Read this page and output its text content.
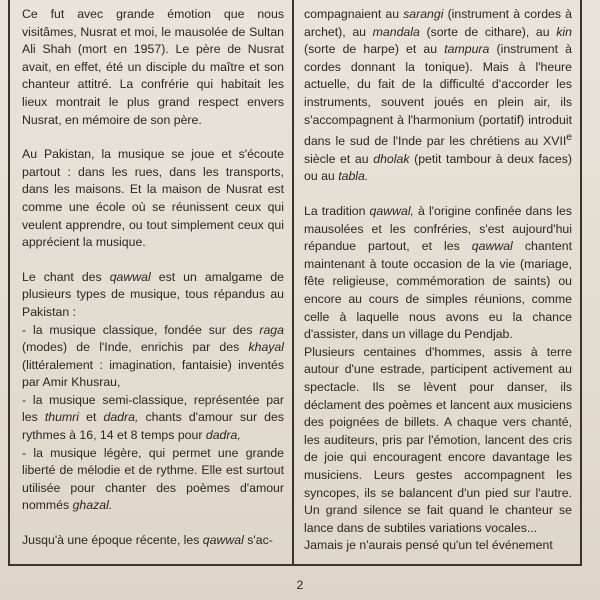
Ce fut avec grande émotion que nous visitâmes, Nusrat et moi, le mausolée de Sultan Ali Shah (mort en 1957). Le père de Nusrat avait, en effet, été un disciple du maître et son chanteur attitré. La confrérie qui habitait les lieux montrait le plus grand respect envers Nusrat, en mémoire de son père.

Au Pakistan, la musique se joue et s'écoute partout : dans les rues, dans les transports, dans les maisons. Et la maison de Nusrat est comme une école où se réunissent ceux qui veulent apprendre, ou tout simplement ceux qui apprécient la musique.

Le chant des qawwal est un amalgame de plusieurs types de musique, tous répandus au Pakistan :
- la musique classique, fondée sur des raga (modes) de l'Inde, enrichis par des khayal (littéralement : imagination, fantaisie) inventés par Amir Khusrau,
- la musique semi-classique, représentée par les thumri et dadra, chants d'amour sur des rythmes à 16, 14 et 8 temps pour dadra,
- la musique légère, qui permet une grande liberté de mélodie et de rythme. Elle est surtout utilisée pour chanter des poèmes d'amour nommés ghazal.

Jusqu'à une époque récente, les qawwal s'ac-

compagnaient au sarangi (instrument à cordes à archet), au mandala (sorte de cithare), au kin (sorte de harpe) et au tampura (instrument à cordes donnant la tonique). Mais à l'heure actuelle, du fait de la difficulté d'accorder les instruments, souvent joués en plein air, ils s'accompagnent à l'harmonium (portatif) introduit dans le sud de l'Inde par les chrétiens au XVIIe siècle et au dholak (petit tambour à deux faces) ou au tabla.

La tradition qawwal, à l'origine confinée dans les mausolées et les confréries, s'est aujourd'hui répandue partout, et les qawwal chantent maintenant à toute occasion de la vie (mariage, fête religieuse, commémoration de saints) ou encore au cours de simples réunions, comme celle à laquelle nous avons eu la chance d'assister, dans un village du Pendjab.

Plusieurs centaines d'hommes, assis à terre autour d'une estrade, participent activement au spectacle. Ils se lèvent pour danser, ils déclament des poèmes et lancent aux musiciens des poignées de billets. A chaque vers chanté, les auditeurs, pris par l'émotion, lancent des cris de joie qui encouragent encore davantage les musiciens. Leurs gestes accompagnent les syncopes, ils se balancent d'un pied sur l'autre. Un grand silence se fait quand le chanteur se lance dans de subtiles variations vocales...

Jamais je n'aurais pensé qu'un tel événement

2
